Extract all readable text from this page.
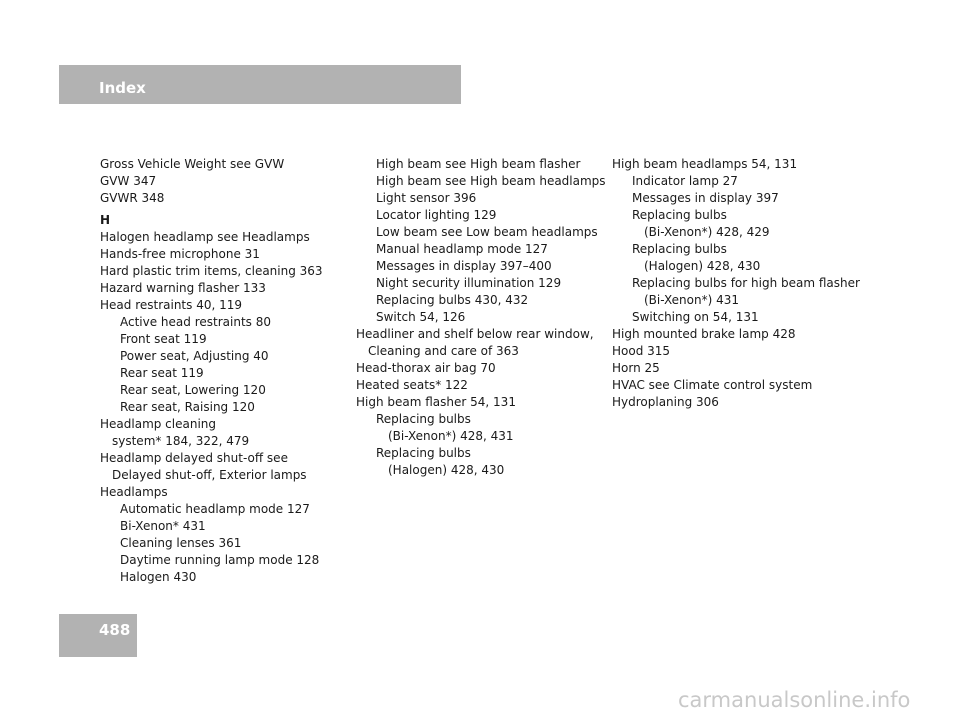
Index
Gross Vehicle Weight see GVW
GVW 347
GVWR 348
H
Halogen headlamp see Headlamps
Hands-free microphone 31
Hard plastic trim items, cleaning 363
Hazard warning flasher 133
Head restraints 40, 119
Active head restraints 80
Front seat 119
Power seat, Adjusting 40
Rear seat 119
Rear seat, Lowering 120
Rear seat, Raising 120
Headlamp cleaning
system* 184, 322, 479
Headlamp delayed shut-off see
Delayed shut-off, Exterior lamps
Headlamps
Automatic headlamp mode 127
Bi-Xenon* 431
Cleaning lenses 361
Daytime running lamp mode 128
Halogen 430
High beam see High beam flasher
High beam see High beam headlamps
Light sensor 396
Locator lighting 129
Low beam see Low beam headlamps
Manual headlamp mode 127
Messages in display 397–400
Night security illumination 129
Replacing bulbs 430, 432
Switch 54, 126
Headliner and shelf below rear window,
Cleaning and care of 363
Head-thorax air bag 70
Heated seats* 122
High beam flasher 54, 131
Replacing bulbs
(Bi-Xenon*) 428, 431
Replacing bulbs
(Halogen) 428, 430
High beam headlamps 54, 131
Indicator lamp 27
Messages in display 397
Replacing bulbs
(Bi-Xenon*) 428, 429
Replacing bulbs
(Halogen) 428, 430
Replacing bulbs for high beam flasher
(Bi-Xenon*) 431
Switching on 54, 131
High mounted brake lamp 428
Hood 315
Horn 25
HVAC see Climate control system
Hydroplaning 306
488
carmanualsonline.info
